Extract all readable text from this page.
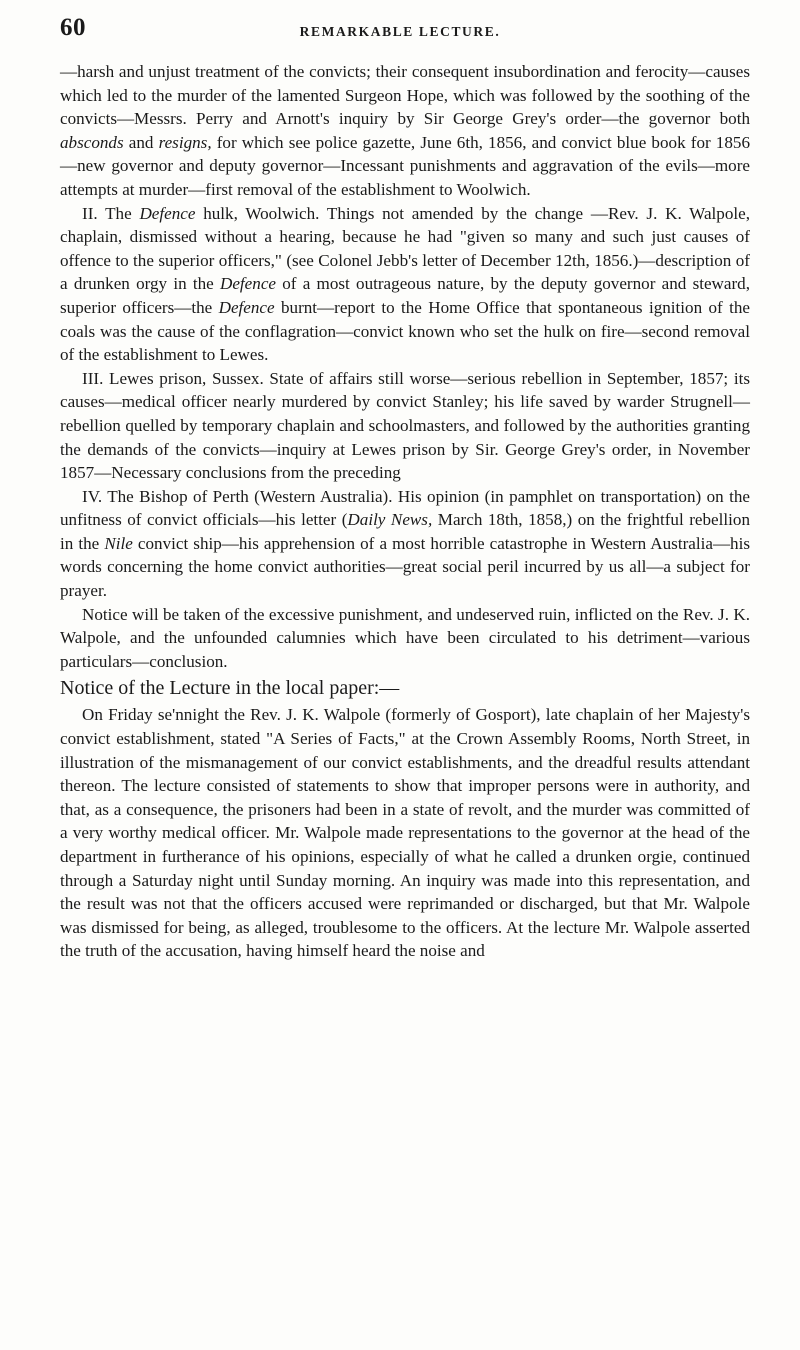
60	REMARKABLE LECTURE.

—harsh and unjust treatment of the convicts; their consequent insubordination and ferocity—causes which led to the murder of the lamented Surgeon Hope, which was followed by the soothing of the convicts—Messrs. Perry and Arnott's inquiry by Sir George Grey's order—the governor both absconds and resigns, for which see police gazette, June 6th, 1856, and convict blue book for 1856—new governor and deputy governor—Incessant punishments and aggravation of the evils—more attempts at murder—first removal of the establishment to Woolwich.

II. The Defence hulk, Woolwich. Things not amended by the change —Rev. J. K. Walpole, chaplain, dismissed without a hearing, because he had "given so many and such just causes of offence to the superior officers," (see Colonel Jebb's letter of December 12th, 1856.)—description of a drunken orgy in the Defence of a most outrageous nature, by the deputy governor and steward, superior officers—the Defence burnt—report to the Home Office that spontaneous ignition of the coals was the cause of the conflagration—convict known who set the hulk on fire—second removal of the establishment to Lewes.

III. Lewes prison, Sussex. State of affairs still worse—serious rebellion in September, 1857; its causes—medical officer nearly murdered by convict Stanley; his life saved by warder Strugnell—rebellion quelled by temporary chaplain and schoolmasters, and followed by the authorities granting the demands of the convicts—inquiry at Lewes prison by Sir. George Grey's order, in November 1857—Necessary conclusions from the preceding

IV. The Bishop of Perth (Western Australia). His opinion (in pamphlet on transportation) on the unfitness of convict officials—his letter (Daily News, March 18th, 1858,) on the frightful rebellion in the Nile convict ship—his apprehension of a most horrible catastrophe in Western Australia—his words concerning the home convict authorities—great social peril incurred by us all—a subject for prayer.

Notice will be taken of the excessive punishment, and undeserved ruin, inflicted on the Rev. J. K. Walpole, and the unfounded calumnies which have been circulated to his detriment—various particulars—conclusion.

Notice of the Lecture in the local paper:—

On Friday se'nnight the Rev. J. K. Walpole (formerly of Gosport), late chaplain of her Majesty's convict establishment, stated "A Series of Facts," at the Crown Assembly Rooms, North Street, in illustration of the mismanagement of our convict establishments, and the dreadful results attendant thereon. The lecture consisted of statements to show that improper persons were in authority, and that, as a consequence, the prisoners had been in a state of revolt, and the murder was committed of a very worthy medical officer. Mr. Walpole made representations to the governor at the head of the department in furtherance of his opinions, especially of what he called a drunken orgie, continued through a Saturday night until Sunday morning. An inquiry was made into this representation, and the result was not that the officers accused were reprimanded or discharged, but that Mr. Walpole was dismissed for being, as alleged, troublesome to the officers. At the lecture Mr. Walpole asserted the truth of the accusation, having himself heard the noise and
